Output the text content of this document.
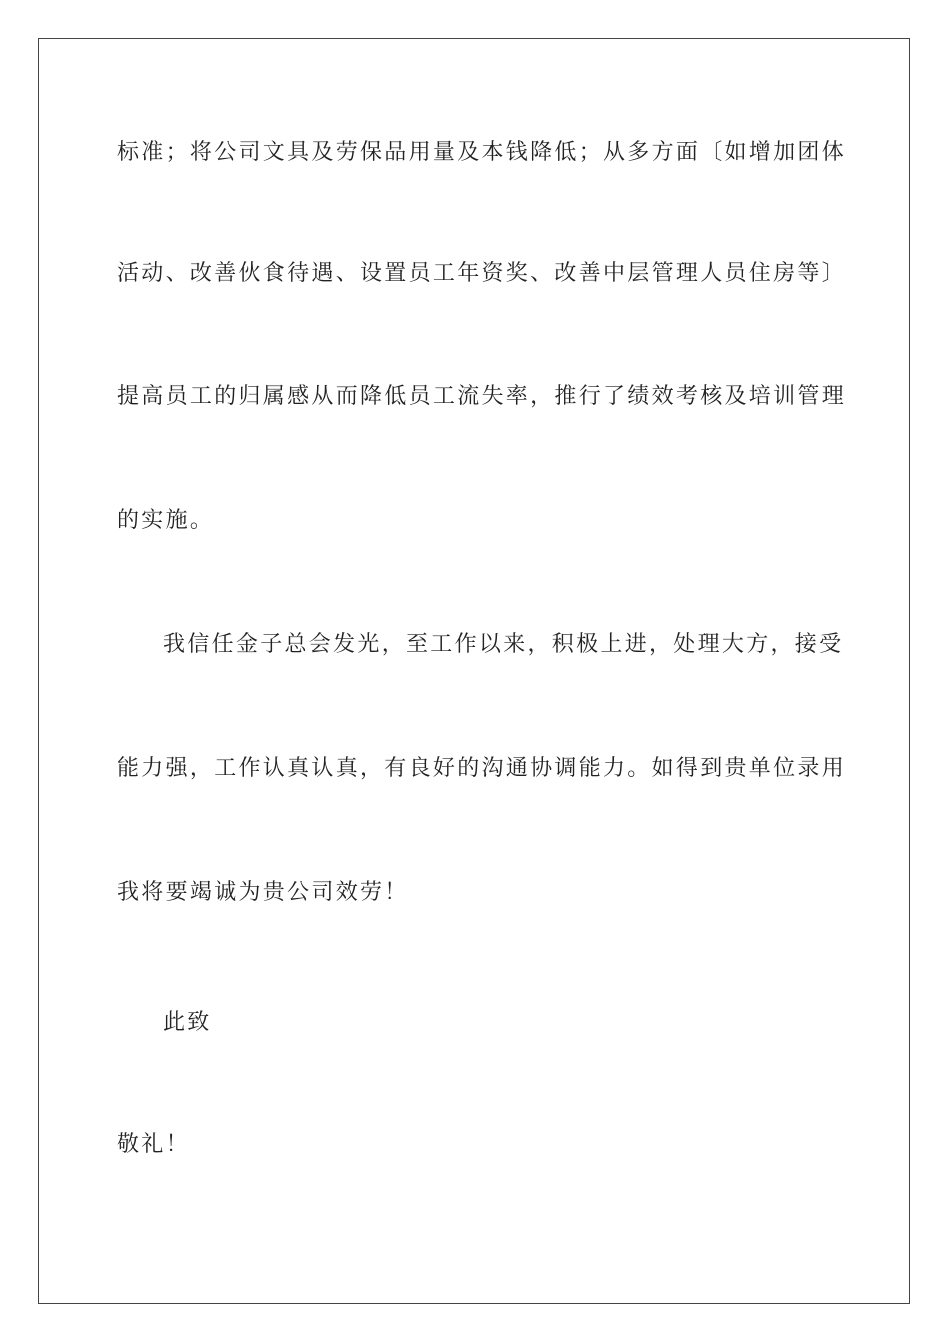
标准；将公司文具及劳保品用量及本钱降低；从多方面〔如增加团体
活动、改善伙食待遇、设置员工年资奖、改善中层管理人员住房等〕
提高员工的归属感从而降低员工流失率，推行了绩效考核及培训管理
的实施。
我信任金子总会发光，至工作以来，积极上进，处理大方，接受
能力强，工作认真认真，有良好的沟通协调能力。如得到贵单位录用
我将要竭诚为贵公司效劳！
此致
敬礼！
